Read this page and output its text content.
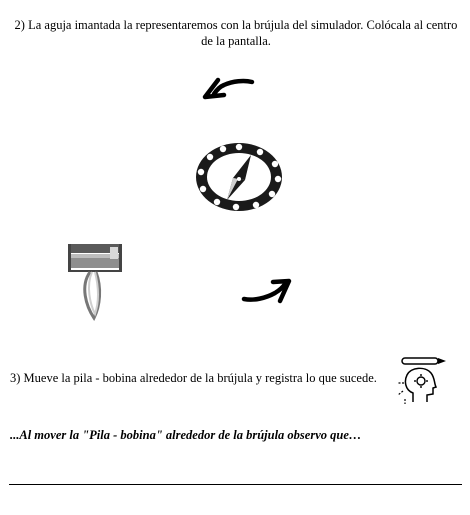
2) La aguja imantada la representaremos con la brújula del simulador. Colócala al centro de la pantalla.
3) Mueve la pila - bobina alrededor de la brújula y registra lo que sucede.
...Al mover la "Pila - bobina" alrededor de la brújula observo que…
